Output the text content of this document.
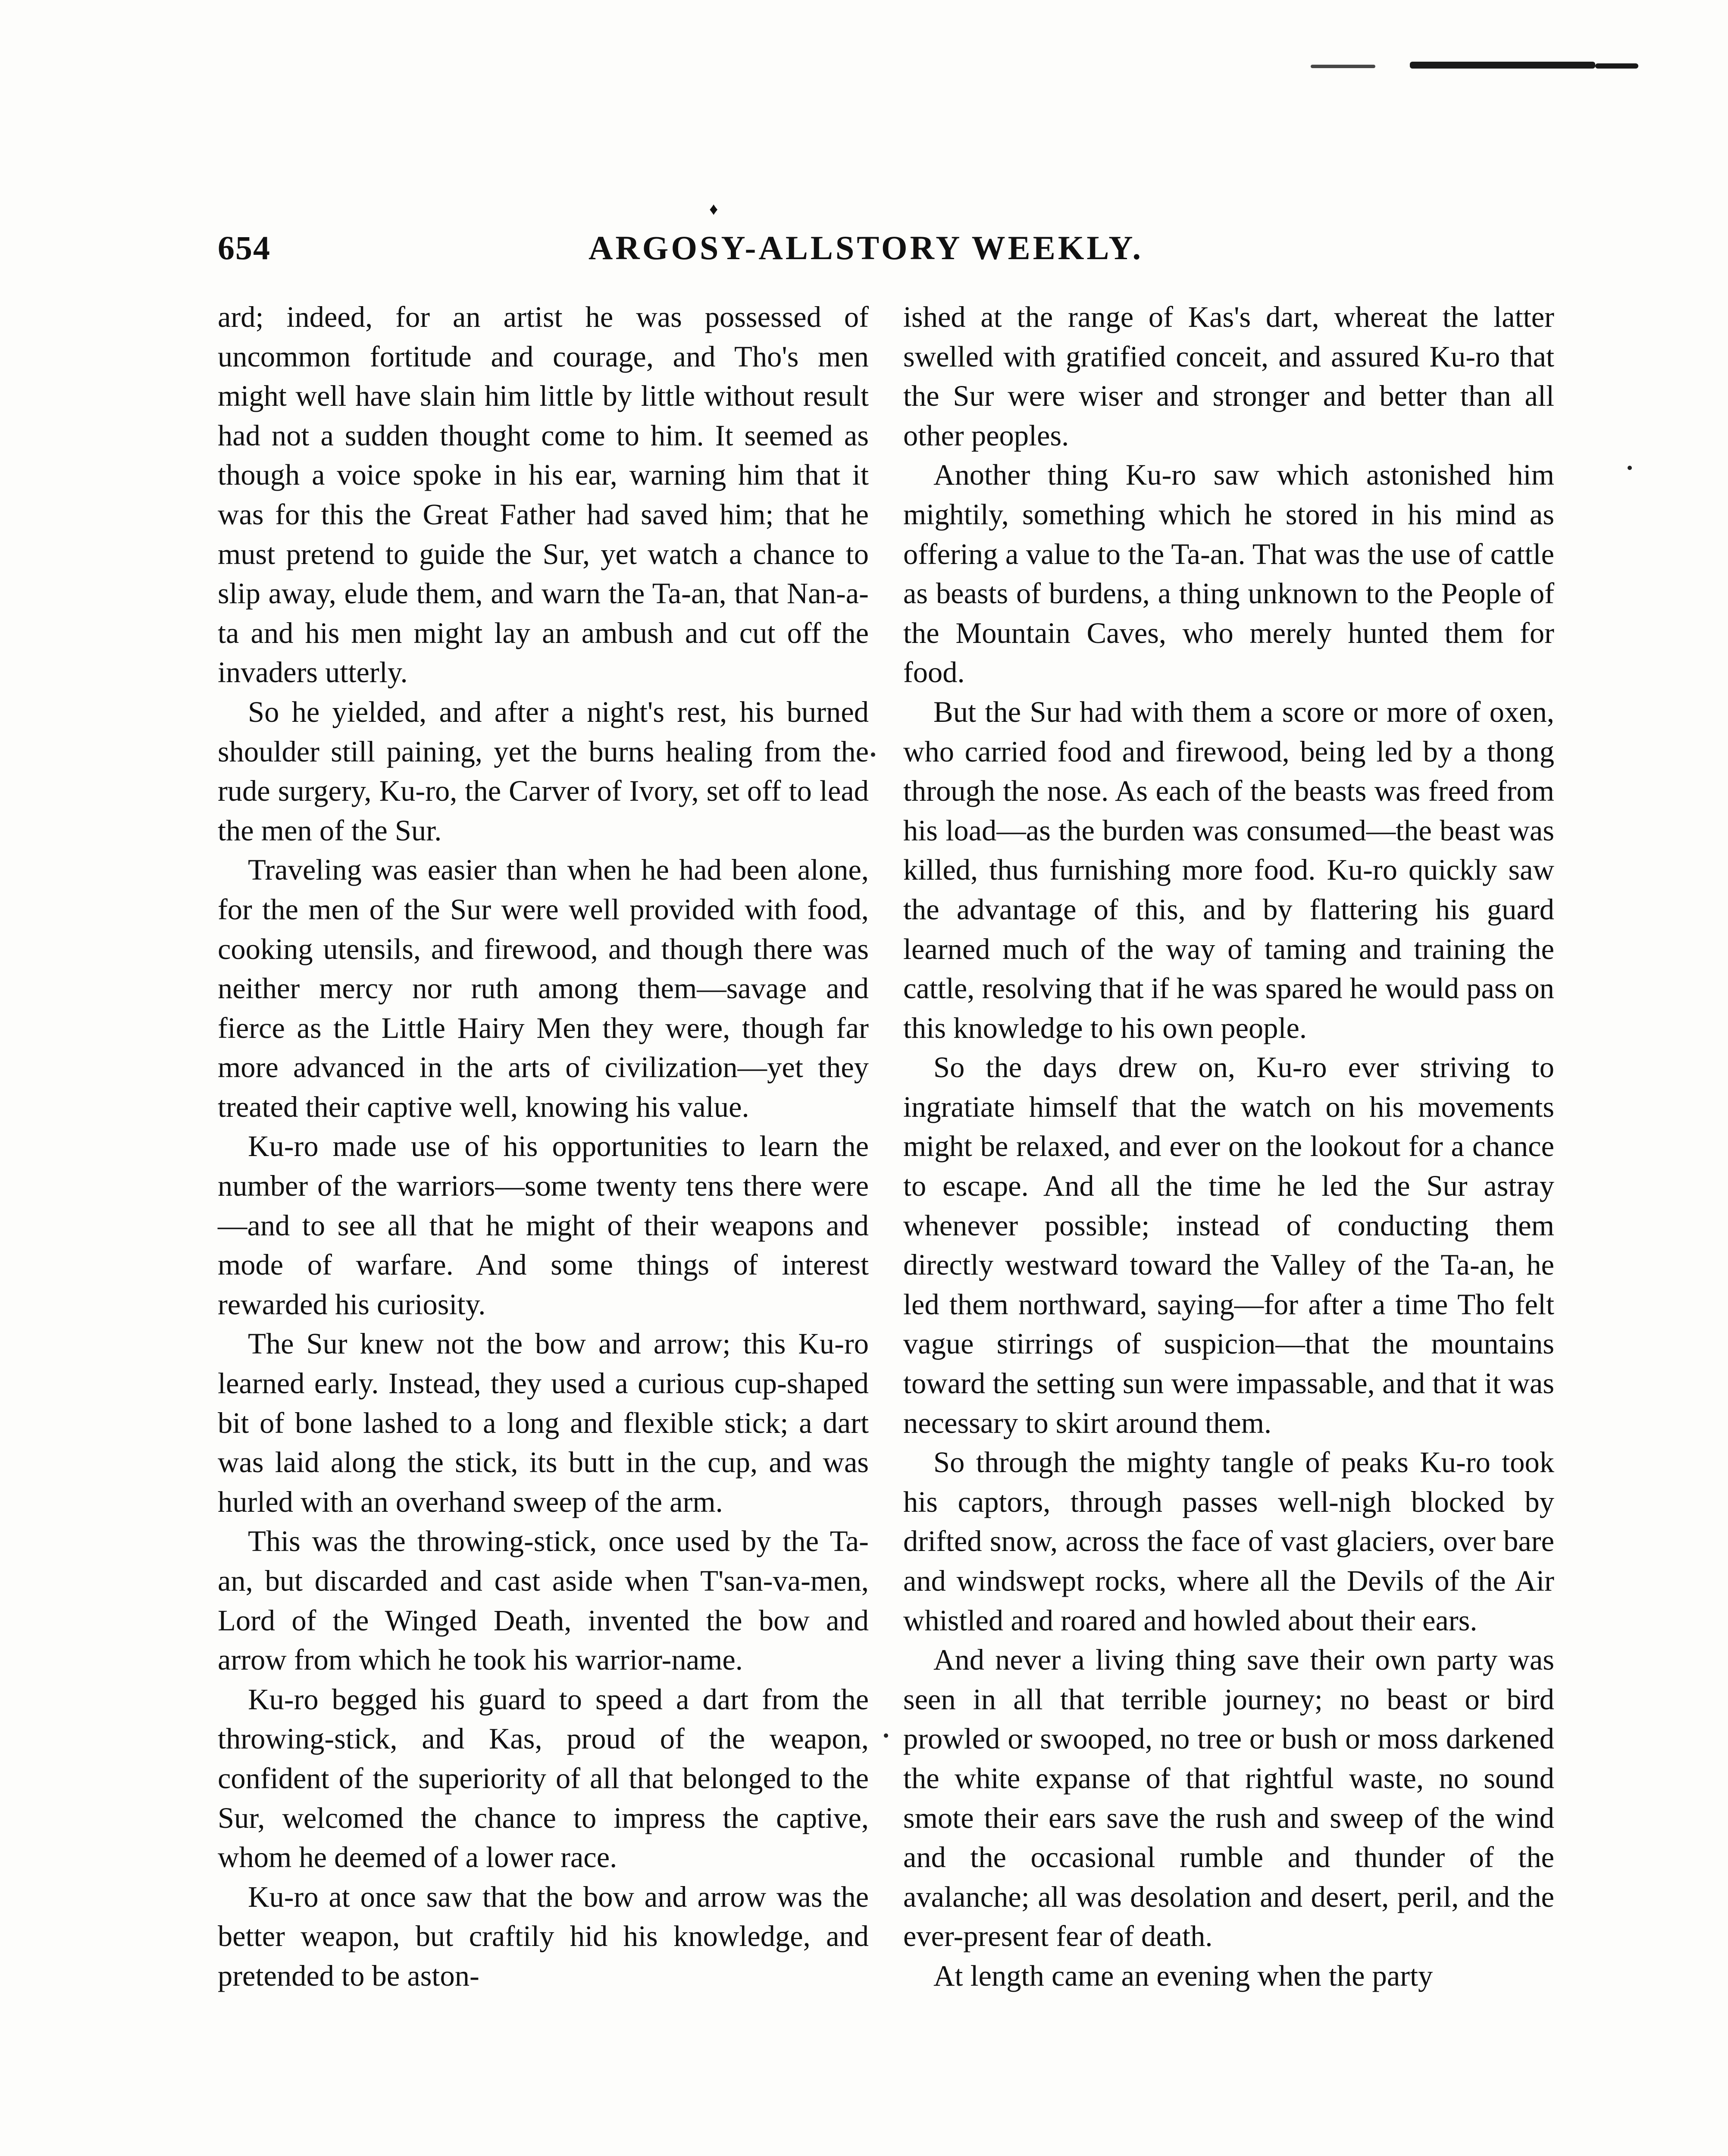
♦
654	ARGOSY-ALLSTORY WEEKLY.

ard; indeed, for an artist he was possessed of uncommon fortitude and courage, and Tho's men might well have slain him little by little without result had not a sudden thought come to him. It seemed as though a voice spoke in his ear, warning him that it was for this the Great Father had saved him; that he must pretend to guide the Sur, yet watch a chance to slip away, elude them, and warn the Ta-an, that Nan-a-ta and his men might lay an ambush and cut off the invaders utterly.

So he yielded, and after a night's rest, his burned shoulder still paining, yet the burns healing from the rude surgery, Ku-ro, the Carver of Ivory, set off to lead the men of the Sur.

Traveling was easier than when he had been alone, for the men of the Sur were well provided with food, cooking utensils, and firewood, and though there was neither mercy nor ruth among them—savage and fierce as the Little Hairy Men they were, though far more advanced in the arts of civilization—yet they treated their captive well, knowing his value.

Ku-ro made use of his opportunities to learn the number of the warriors—some twenty tens there were—and to see all that he might of their weapons and mode of warfare. And some things of interest rewarded his curiosity.

The Sur knew not the bow and arrow; this Ku-ro learned early. Instead, they used a curious cup-shaped bit of bone lashed to a long and flexible stick; a dart was laid along the stick, its butt in the cup, and was hurled with an overhand sweep of the arm.

This was the throwing-stick, once used by the Ta-an, but discarded and cast aside when T'san-va-men, Lord of the Winged Death, invented the bow and arrow from which he took his warrior-name.

Ku-ro begged his guard to speed a dart from the throwing-stick, and Kas, proud of the weapon, confident of the superiority of all that belonged to the Sur, welcomed the chance to impress the captive, whom he deemed of a lower race.

Ku-ro at once saw that the bow and arrow was the better weapon, but craftily hid his knowledge, and pretended to be aston-

ished at the range of Kas's dart, whereat the latter swelled with gratified conceit, and assured Ku-ro that the Sur were wiser and stronger and better than all other peoples.

Another thing Ku-ro saw which astonished him mightily, something which he stored in his mind as offering a value to the Ta-an. That was the use of cattle as beasts of burdens, a thing unknown to the People of the Mountain Caves, who merely hunted them for food.

But the Sur had with them a score or more of oxen, who carried food and firewood, being led by a thong through the nose. As each of the beasts was freed from his load—as the burden was consumed—the beast was killed, thus furnishing more food. Ku-ro quickly saw the advantage of this, and by flattering his guard learned much of the way of taming and training the cattle, resolving that if he was spared he would pass on this knowledge to his own people.

So the days drew on, Ku-ro ever striving to ingratiate himself that the watch on his movements might be relaxed, and ever on the lookout for a chance to escape. And all the time he led the Sur astray whenever possible; instead of conducting them directly westward toward the Valley of the Ta-an, he led them northward, saying—for after a time Tho felt vague stirrings of suspicion—that the mountains toward the setting sun were impassable, and that it was necessary to skirt around them.

So through the mighty tangle of peaks Ku-ro took his captors, through passes well-nigh blocked by drifted snow, across the face of vast glaciers, over bare and windswept rocks, where all the Devils of the Air whistled and roared and howled about their ears.

And never a living thing save their own party was seen in all that terrible journey; no beast or bird prowled or swooped, no tree or bush or moss darkened the white expanse of that rightful waste, no sound smote their ears save the rush and sweep of the wind and the occasional rumble and thunder of the avalanche; all was desolation and desert, peril, and the ever-present fear of death.

At length came an evening when the party
